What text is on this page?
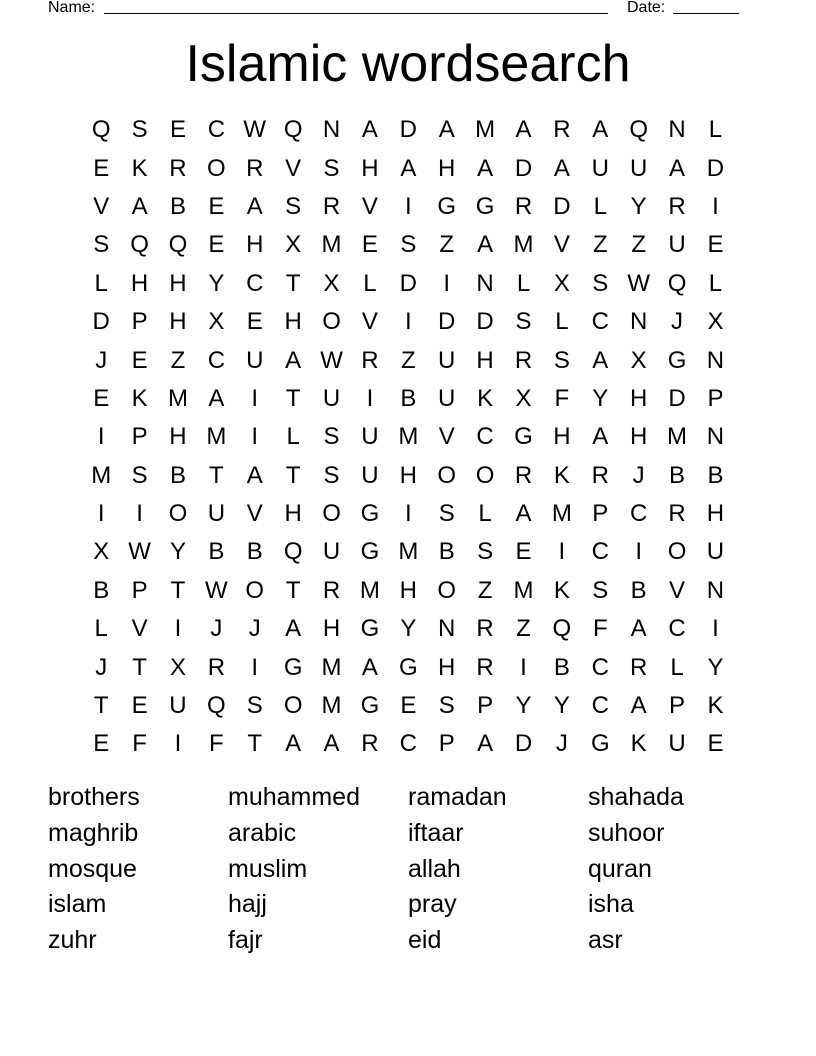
Name:	Date:
Islamic wordsearch
Q S E C W Q N A D A M A R A Q N L
E K R O R V S H A H A D A U U A D
V A B E A S R V	I	G G R D L Y R	I
S Q Q E H X M E S Z A M V Z Z U E
L H H Y C T X L D	I	N L X S W Q L
D P H X E H O V	I	D D S L C N J	X
J	E Z C U A W R Z U H R S A X G N
E K M A	I	T U	I	B U K X F Y H D P
I	P H M	I	L S U M V C G H A H M N
M S B T A T S U H O O R K R J	B B
I	I	O U V H O G	I	S L A M P C R H
X W Y B B Q U G M B S E	I	C	I	O U
B P T W O T R M H O Z M K S B V N
L V	I	J	J	A H G Y N R Z Q F A C	I
J	T X R	I	G M A G H R	I	B C R L Y
T E U Q S O M G E S P Y Y C A P K
E F	I	F T A A R C P A D J G K U E
brothers	muhammed	ramadan	shahada
maghrib	arabic	iftaar	suhoor
mosque	muslim	allah	quran
islam	hajj	pray	isha
zuhr	fajr	eid	asr
